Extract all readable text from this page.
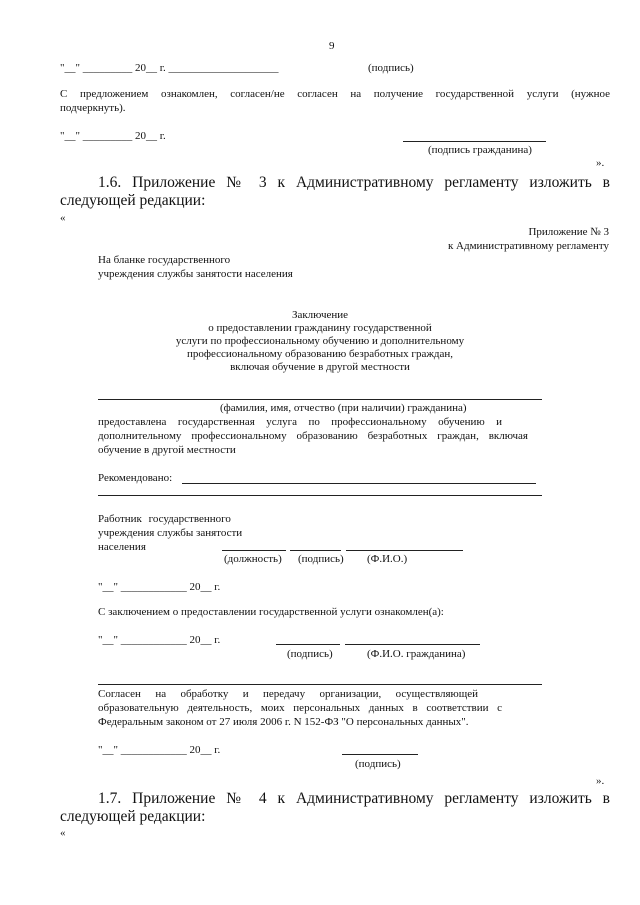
9
"__" _________ 20__ г. ____________________	(подпись)
С предложением ознакомлен, согласен/не согласен на получение государственной услуги (нужное
подчеркнуть).
"__" _________ 20__ г.
(подпись гражданина)
».
1.6. Приложение № 3 к Административному регламенту изложить в
следующей редакции:
«
Приложение № 3
к Административному регламенту
На бланке государственного
учреждения службы занятости населения
Заключение
о предоставлении гражданину государственной
услуги по профессиональному обучению и дополнительному
профессиональному образованию безработных граждан,
включая обучение в другой местности
(фамилия, имя, отчество (при наличии) гражданина)
предоставлена государственная услуга по профессиональному обучению и
дополнительному профессиональному образованию безработных граждан, включая
обучение в другой местности
Рекомендовано:
Работник государственного
учреждения службы занятости
населения
(должность) (подпись) (Ф.И.О.)
"__" ____________ 20__ г.
С заключением о предоставлении государственной услуги ознакомлен(а):
"__" ____________ 20__ г.
(подпись)	(Ф.И.О. гражданина)
Согласен на обработку и передачу организации, осуществляющей
образовательную деятельность, моих персональных данных в соответствии с
Федеральным законом от 27 июля 2006 г. N 152-ФЗ "О персональных данных".
"__" ____________ 20__ г.
(подпись)
».
1.7. Приложение № 4 к Административному регламенту изложить в
следующей редакции:
«
